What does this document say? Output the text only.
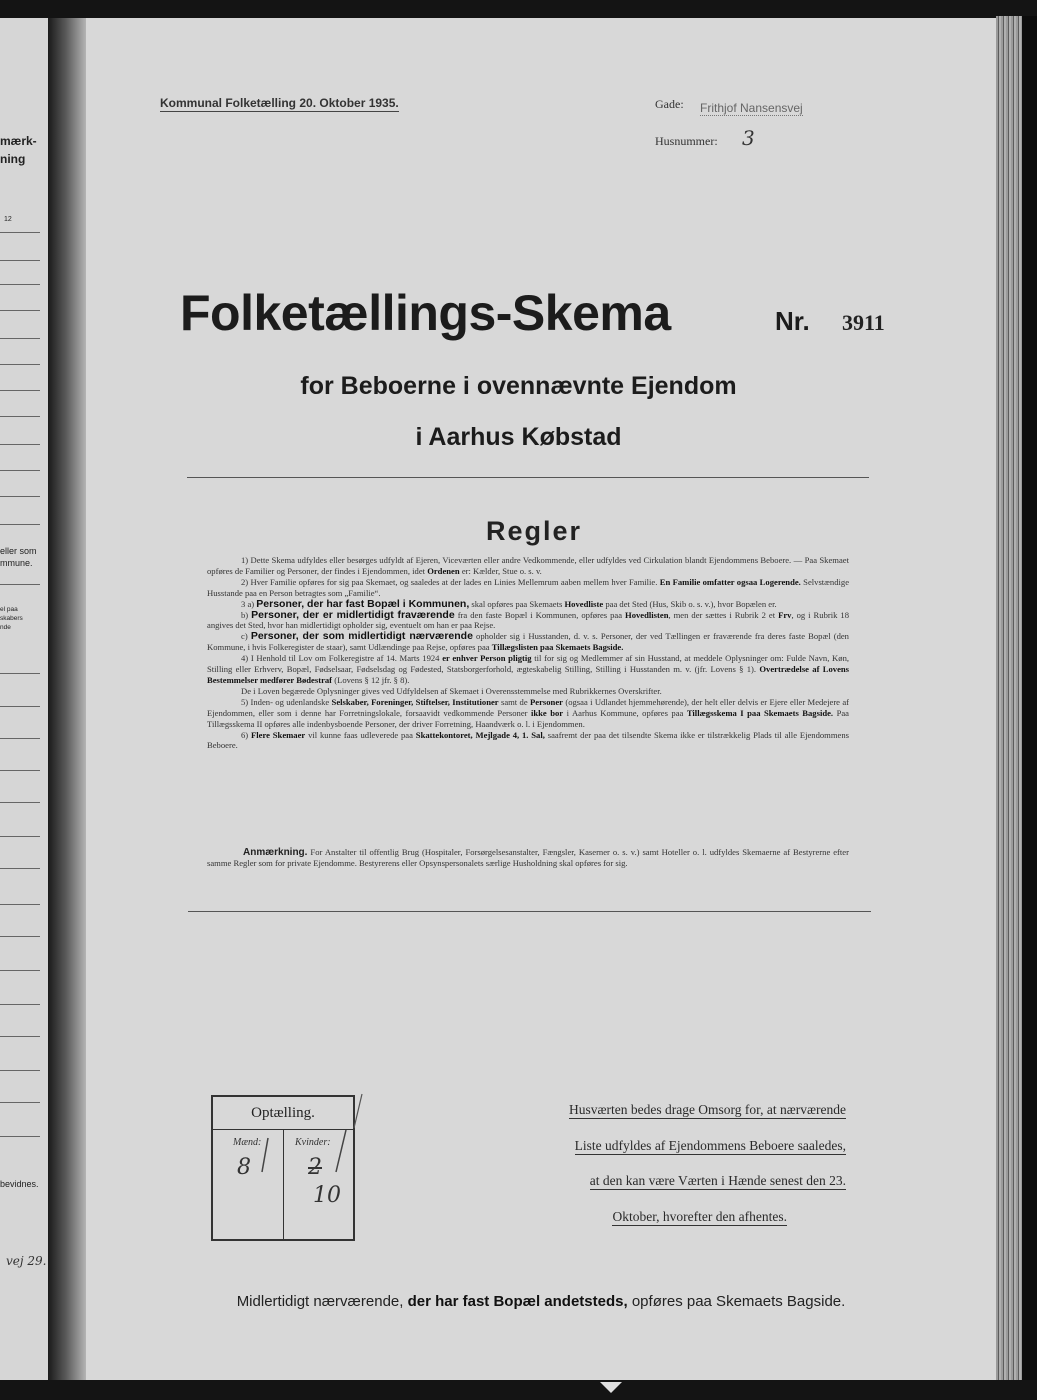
mærk-
ning
12
eller som
mmune.
el paa
skabers
nde
bevidnes.
vej 29.
Kommunal Folketælling 20. Oktober 1935.	Gade: Frithjof Nansensvej
Husnummer: 3
Folketællings-Skema	Nr. 3911
for Beboerne i ovennævnte Ejendom
i Aarhus Købstad
Regler

1) Dette Skema udfyldes eller besørges udfyldt af Ejeren, Viceværten eller andre Vedkommende, eller udfyldes ved Cirkulation blandt Ejendommens Beboere. — Paa Skemaet opføres de Familier og Personer, der findes i Ejendommen, idet Ordenen er: Kælder, Stue o. s. v.

2) Hver Familie opføres for sig paa Skemaet, og saaledes at der lades en Linies Mellemrum aaben mellem hver Familie. En Familie omfatter ogsaa Logerende. Selvstændige Husstande paa en Person betragtes som „Familie“.

3 a) Personer, der har fast Bopæl i Kommunen, skal opføres paa Skemaets Hovedliste paa det Sted (Hus, Skib o. s. v.), hvor Bopælen er.

b) Personer, der er midlertidigt fraværende fra den faste Bopæl i Kommunen, opføres paa Hovedlisten, men der sættes i Rubrik 2 et Frv, og i Rubrik 18 angives det Sted, hvor han midlertidigt opholder sig, eventuelt om han er paa Rejse.

c) Personer, der som midlertidigt nærværende opholder sig i Husstanden, d. v. s. Personer, der ved Tællingen er fraværende fra deres faste Bopæl (den Kommune, i hvis Folkeregister de staar), samt Udlændinge paa Rejse, opføres paa Tillægslisten paa Skemaets Bagside.

4) I Henhold til Lov om Folkeregistre af 14. Marts 1924 er enhver Person pligtig til for sig og Medlemmer af sin Husstand, at meddele Oplysninger om: Fulde Navn, Køn, Stilling eller Erhverv, Bopæl, Fødselsaar, Fødselsdag og Fødested, Statsborgerforhold, ægteskabelig Stilling, Stilling i Husstanden m. v. (jfr. Lovens § 1). Overtrædelse af Lovens Bestemmelser medfører Bødestraf (Lovens § 12 jfr. § 8).

De i Loven begærede Oplysninger gives ved Udfyldelsen af Skemaet i Overensstemmelse med Rubrikkernes Overskrifter.

5) Inden- og udenlandske Selskaber, Foreninger, Stiftelser, Institutioner samt de Personer (ogsaa i Udlandet hjemmehørende), der helt eller delvis er Ejere eller Medejere af Ejendommen, eller som i denne har Forretningslokale, forsaavidt vedkommende Personer ikke bor i Aarhus Kommune, opføres paa Tillægsskema I paa Skemaets Bagside. Paa Tillægsskema II opføres alle indenbysboende Personer, der driver Forretning, Haandværk o. l. i Ejendommen.

6) Flere Skemaer vil kunne faas udleverede paa Skattekontoret, Mejlgade 4, 1. Sal, saafremt der paa det tilsendte Skema ikke er tilstrækkelig Plads til alle Ejendommens Beboere.

Anmærkning. For Anstalter til offentlig Brug (Hospitaler, Forsørgelsesanstalter, Fængsler, Kaserner o. s. v.) samt Hoteller o. l. udfyldes Skemaerne af Bestyrerne efter samme Regler som for private Ejendomme. Bestyrerens eller Opsynspersonalets særlige Husholdning skal opføres for sig.

Optælling.
Mænd:	Kvinder:
8	2
10
Husværten bedes drage Omsorg for, at nærværende
Liste udfyldes af Ejendommens Beboere saaledes,
at den kan være Værten i Hænde senest den 23.
Oktober, hvorefter den afhentes.
Midlertidigt nærværende, der har fast Bopæl andetsteds, opføres paa Skemaets Bagside.
